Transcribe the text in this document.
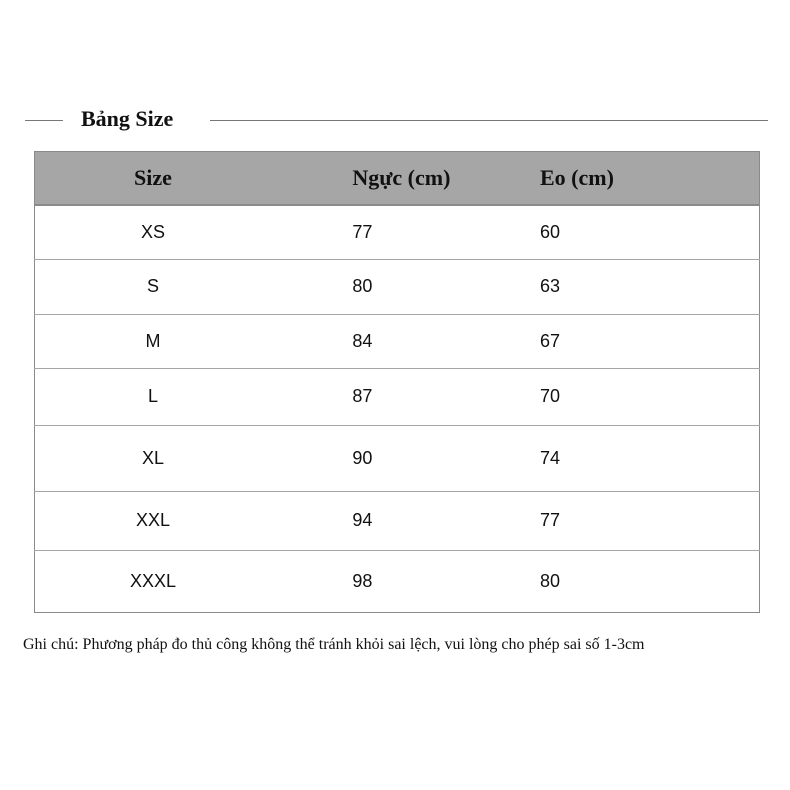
Bảng Size
Size	Ngực (cm)	Eo (cm)
XS	77	60
S	80	63
M	84	67
L	87	70
XL	90	74
XXL	94	77
XXXL	98	80
Ghi chú: Phương pháp đo thủ công không thể tránh khỏi sai lệch, vui lòng cho phép sai số 1-3cm
